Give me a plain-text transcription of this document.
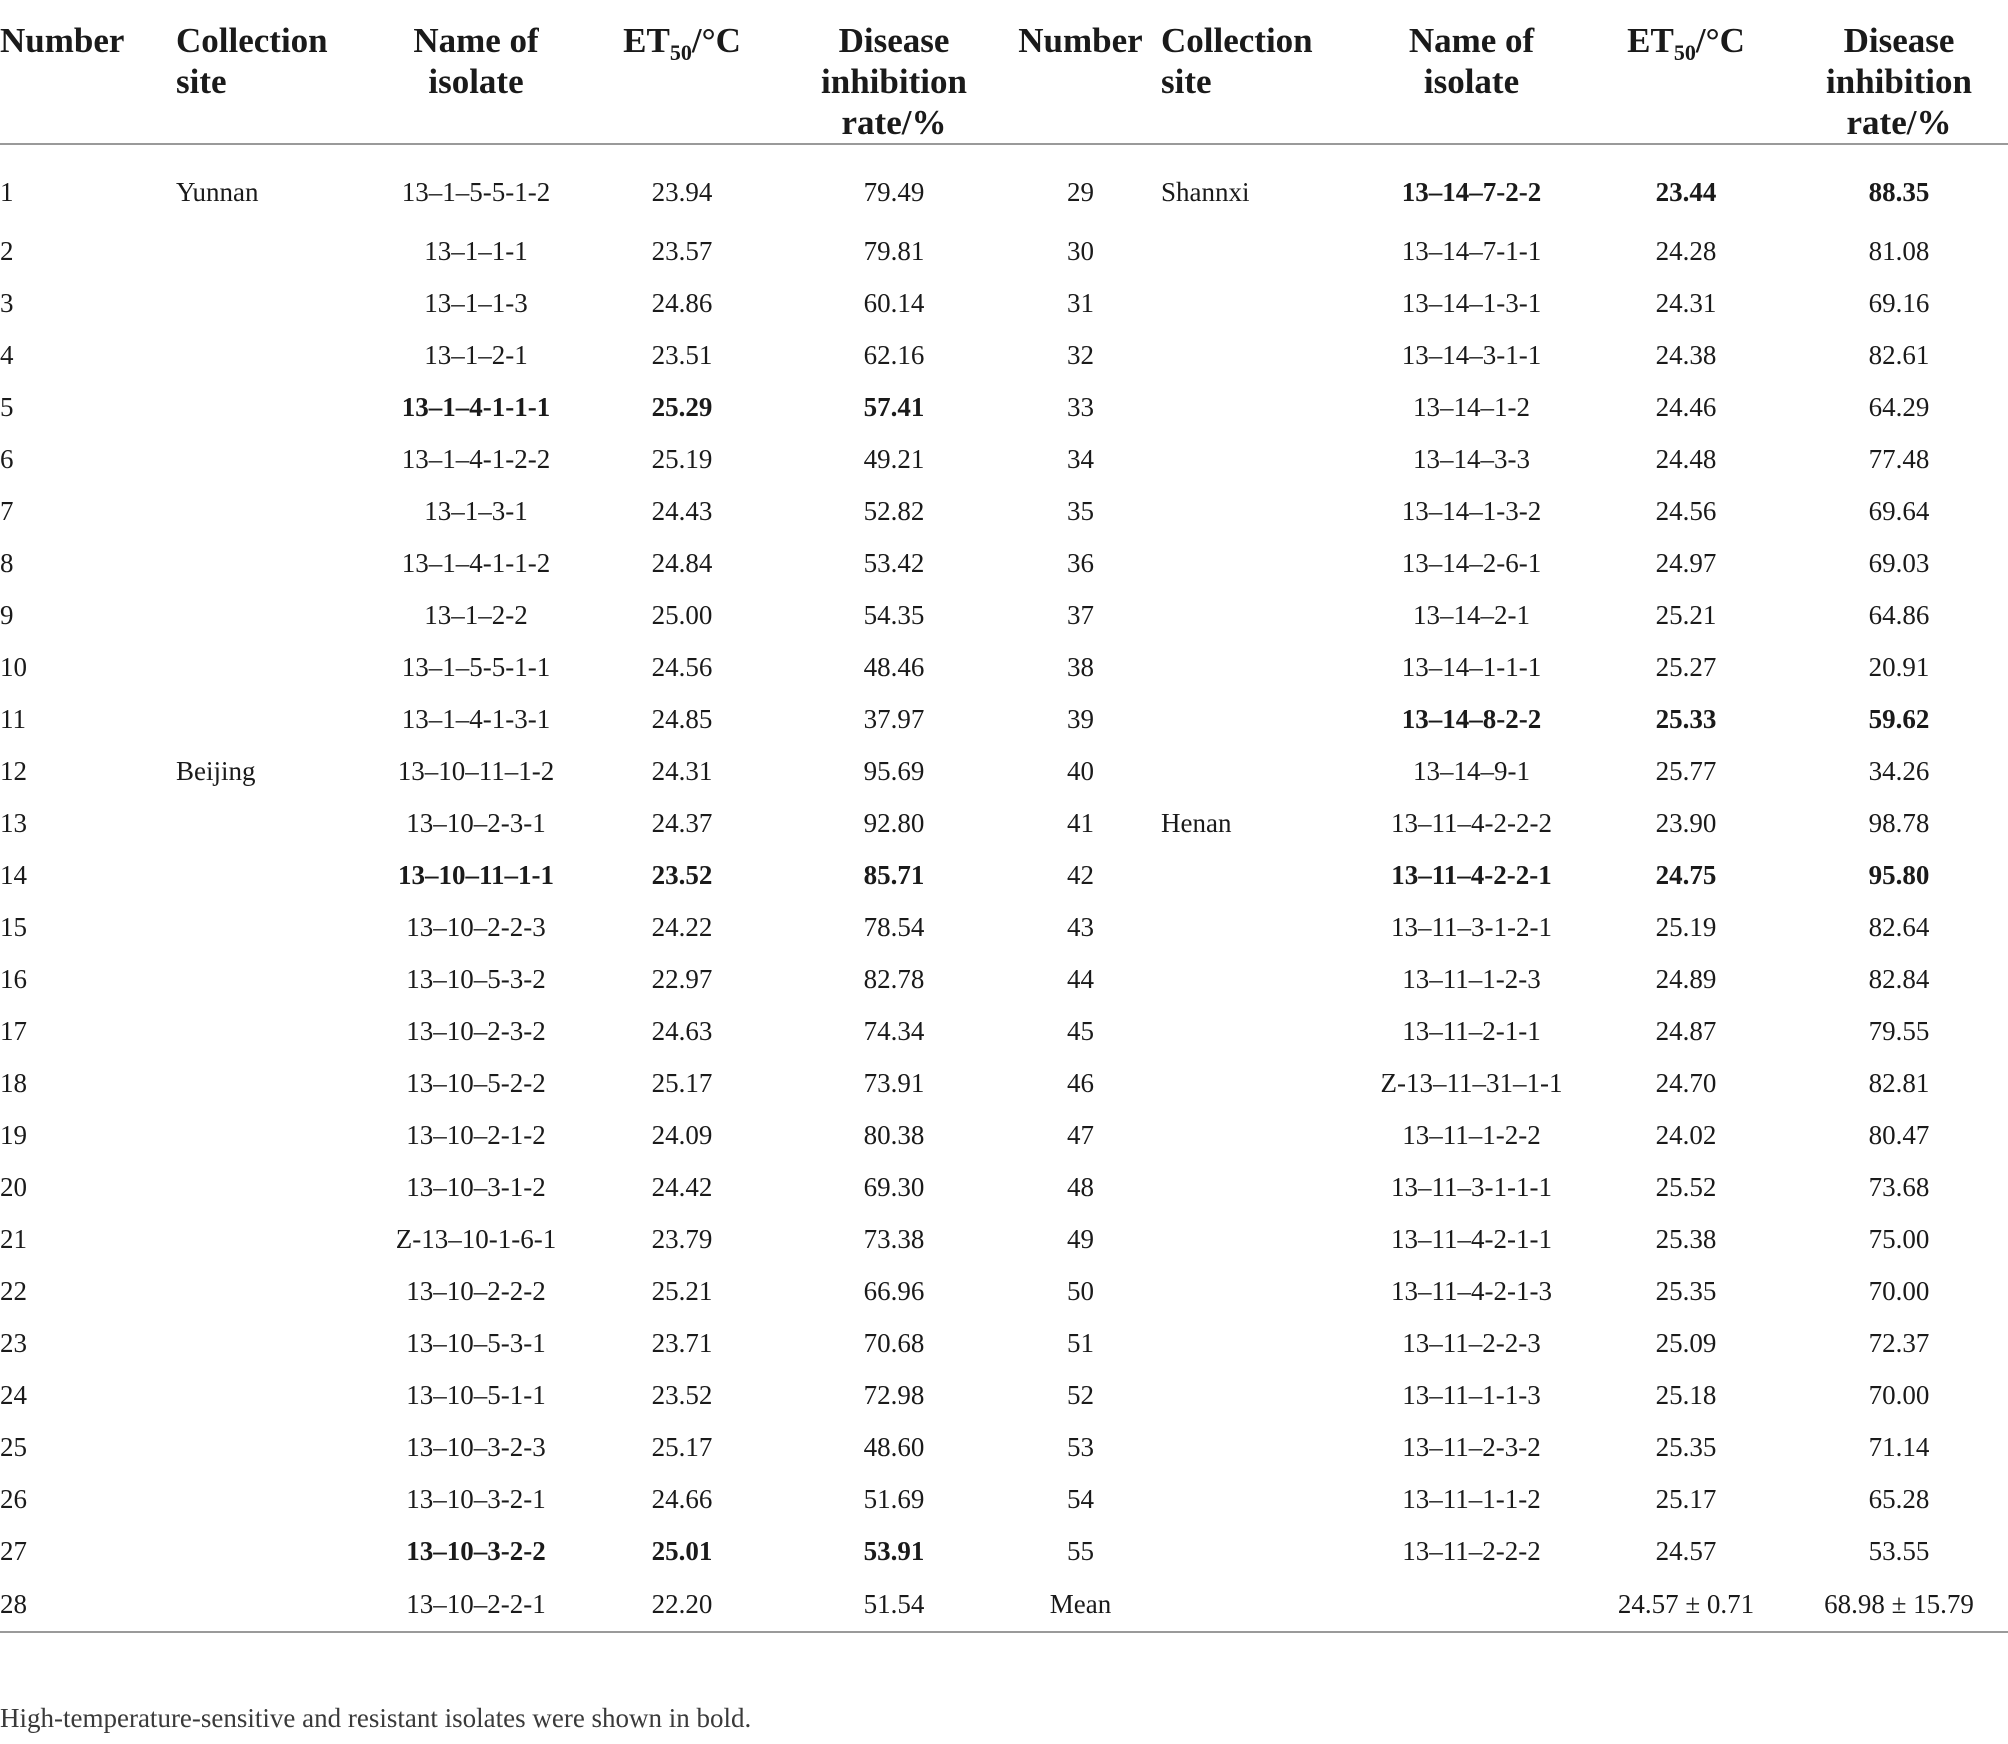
Number	Collection site	Name of isolate	$ET_{50}/^\circ C$	Disease inhibition rate/%	Number	Collection site	Name of isolate	$ET_{50}/^\circ C$	Disease inhibition rate/%
1	Yunnan	13–1–5-5-1-2	23.94	79.49	29	Shannxi	13–14–7-2-2	23.44	88.35
2		13–1–1-1	23.57	79.81	30		13–14–7-1-1	24.28	81.08
3		13–1–1-3	24.86	60.14	31		13–14–1-3-1	24.31	69.16
4		13–1–2-1	23.51	62.16	32		13–14–3-1-1	24.38	82.61
5		13–1–4-1-1-1	25.29	57.41	33		13–14–1-2	24.46	64.29
6		13–1–4-1-2-2	25.19	49.21	34		13–14–3-3	24.48	77.48
7		13–1–3-1	24.43	52.82	35		13–14–1-3-2	24.56	69.64
8		13–1–4-1-1-2	24.84	53.42	36		13–14–2-6-1	24.97	69.03
9		13–1–2-2	25.00	54.35	37		13–14–2-1	25.21	64.86
10		13–1–5-5-1-1	24.56	48.46	38		13–14–1-1-1	25.27	20.91
11		13–1–4-1-3-1	24.85	37.97	39		13–14–8-2-2	25.33	59.62
12	Beijing	13–10–11–1-2	24.31	95.69	40		13–14–9-1	25.77	34.26
13		13–10–2-3-1	24.37	92.80	41	Henan	13–11–4-2-2-2	23.90	98.78
14		13–10–11–1-1	23.52	85.71	42		13–11–4-2-2-1	24.75	95.80
15		13–10–2-2-3	24.22	78.54	43		13–11–3-1-2-1	25.19	82.64
16		13–10–5-3-2	22.97	82.78	44		13–11–1-2-3	24.89	82.84
17		13–10–2-3-2	24.63	74.34	45		13–11–2-1-1	24.87	79.55
18		13–10–5-2-2	25.17	73.91	46		Z-13–11–31–1-1	24.70	82.81
19		13–10–2-1-2	24.09	80.38	47		13–11–1-2-2	24.02	80.47
20		13–10–3-1-2	24.42	69.30	48		13–11–3-1-1-1	25.52	73.68
21		Z-13–10-1-6-1	23.79	73.38	49		13–11–4-2-1-1	25.38	75.00
22		13–10–2-2-2	25.21	66.96	50		13–11–4-2-1-3	25.35	70.00
23		13–10–5-3-1	23.71	70.68	51		13–11–2-2-3	25.09	72.37
24		13–10–5-1-1	23.52	72.98	52		13–11–1-1-3	25.18	70.00
25		13–10–3-2-3	25.17	48.60	53		13–11–2-3-2	25.35	71.14
26		13–10–3-2-1	24.66	51.69	54		13–11–1-1-2	25.17	65.28
27		13–10–3-2-2	25.01	53.91	55		13–11–2-2-2	24.57	53.55
28		13–10–2-2-1	22.20	51.54	Mean			24.57 ± 0.71	68.98 ± 15.79
High-temperature-sensitive and resistant isolates were shown in bold.
